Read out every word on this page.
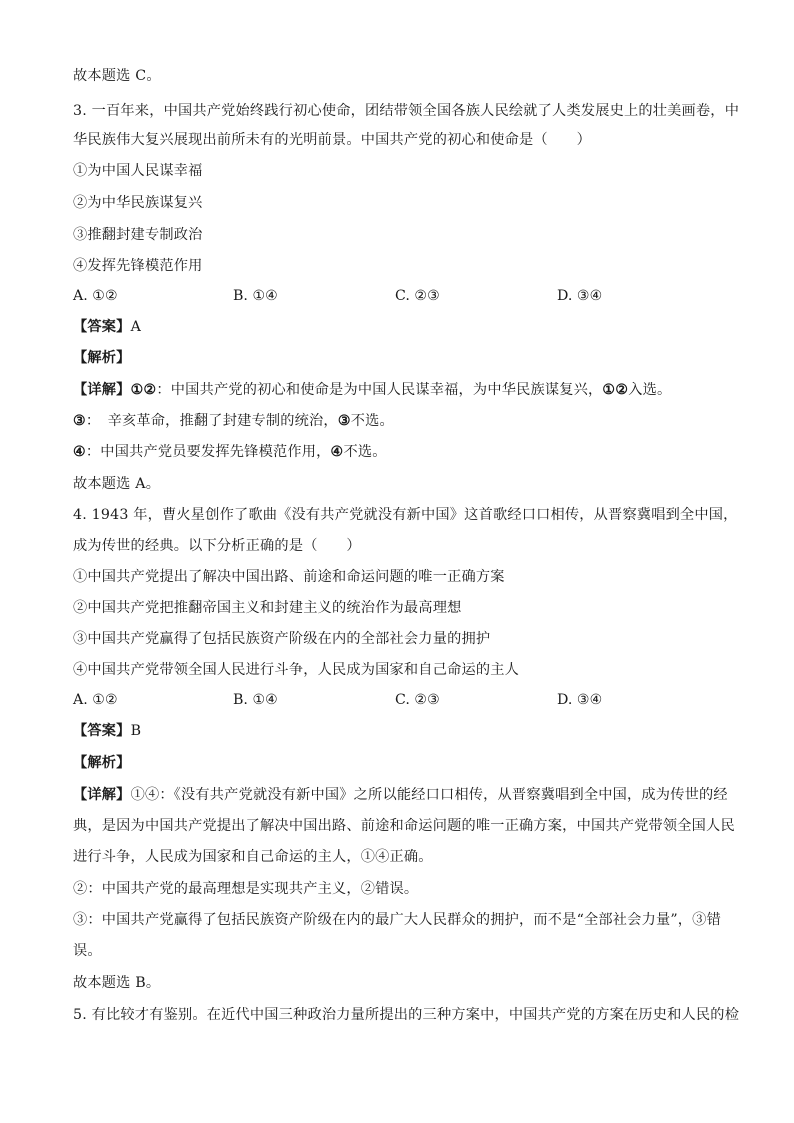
故本题选 C。
3. 一百年来，中国共产党始终践行初心使命，团结带领全国各族人民绘就了人类发展史上的壮美画卷，中
华民族伟大复兴展现出前所未有的光明前景。中国共产党的初心和使命是（　　）
①为中国人民谋幸福
②为中华民族谋复兴
③推翻封建专制政治
④发挥先锋模范作用
A. ①②	B. ①④	C. ②③	D. ③④
【答案】A
【解析】
【详解】①②：中国共产党的初心和使命是为中国人民谋幸福，为中华民族谋复兴，①②入选。
③：　辛亥革命，推翻了封建专制的统治，③不选。
④：中国共产党员要发挥先锋模范作用，④不选。
故本题选 A。
4. 1943 年，曹火星创作了歌曲《没有共产党就没有新中国》这首歌经口口相传，从晋察冀唱到全中国，
成为传世的经典。以下分析正确的是（　　）
①中国共产党提出了解决中国出路、前途和命运问题的唯一正确方案
②中国共产党把推翻帝国主义和封建主义的统治作为最高理想
③中国共产党赢得了包括民族资产阶级在内的全部社会力量的拥护
④中国共产党带领全国人民进行斗争，人民成为国家和自己命运的主人
A. ①②	B. ①④	C. ②③	D. ③④
【答案】B
【解析】
【详解】①④：《没有共产党就没有新中国》之所以能经口口相传，从晋察冀唱到全中国，成为传世的经
典，是因为中国共产党提出了解决中国出路、前途和命运问题的唯一正确方案，中国共产党带领全国人民
进行斗争，人民成为国家和自己命运的主人，①④正确。
②：中国共产党的最高理想是实现共产主义，②错误。
③：中国共产党赢得了包括民族资产阶级在内的最广大人民群众的拥护，而不是“全部社会力量”，③错
误。
故本题选 B。
5. 有比较才有鉴别。在近代中国三种政治力量所提出的三种方案中，中国共产党的方案在历史和人民的检
